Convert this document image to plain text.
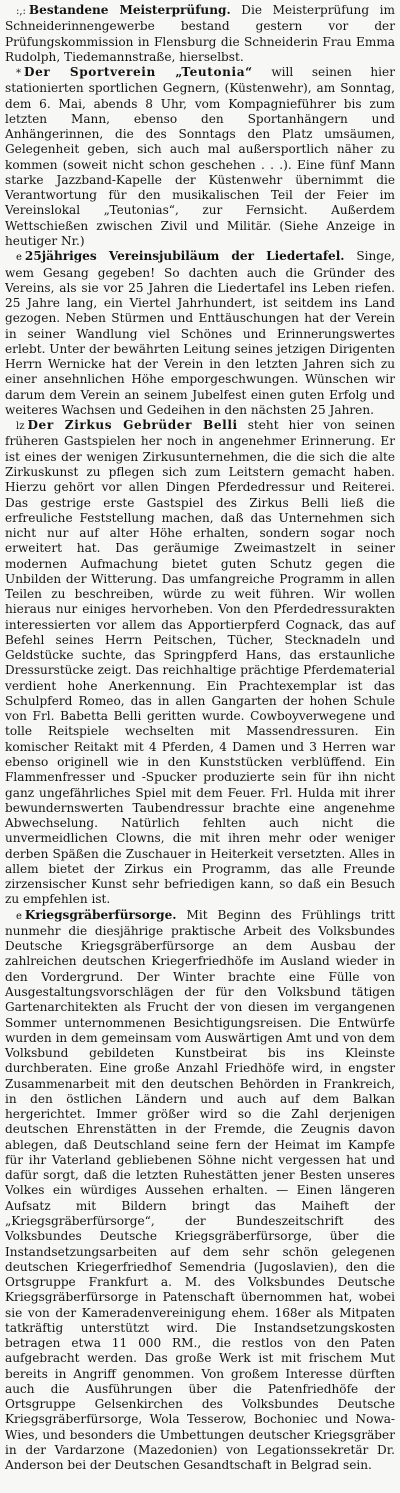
:,: Bestandene Meisterprüfung. Die Meisterprüfung im Schneiderinnengewerbe bestand gestern vor der Prüfungskommission in Flensburg die Schneiderin Frau Emma Rudolph, Tiedemannstraße, hierselbst.

* Der Sportverein „Teutonia“ will seinen hier stationierten sportlichen Gegnern, (Küstenwehr), am Sonntag, dem 6. Mai, abends 8 Uhr, vom Kompagnieführer bis zum letzten Mann, ebenso den Sportanhängern und Anhängerinnen, die des Sonntags den Platz umsäumen, Gelegenheit geben, sich auch mal außersportlich näher zu kommen (soweit nicht schon geschehen . . .). Eine fünf Mann starke Jazzband-Kapelle der Küstenwehr übernimmt die Verantwortung für den musikalischen Teil der Feier im Vereinslokal „Teutonias“, zur Fernsicht. Außerdem Wettschießen zwischen Zivil und Militär. (Siehe Anzeige in heutiger Nr.)

e 25jähriges Vereinsjubiläum der Liedertafel. Singe, wem Gesang gegeben! So dachten auch die Gründer des Vereins, als sie vor 25 Jahren die Liedertafel ins Leben riefen. 25 Jahre lang, ein Viertel Jahrhundert, ist seitdem ins Land gezogen. Neben Stürmen und Enttäuschungen hat der Verein in seiner Wandlung viel Schönes und Erinnerungswertes erlebt. Unter der bewährten Leitung seines jetzigen Dirigenten Herrn Wernicke hat der Verein in den letzten Jahren sich zu einer ansehnlichen Höhe emporgeschwungen. Wünschen wir darum dem Verein an seinem Jubelfest einen guten Erfolg und weiteres Wachsen und Gedeihen in den nächsten 25 Jahren.

lz Der Zirkus Gebrüder Belli steht hier von seinen früheren Gastspielen her noch in angenehmer Erinnerung. Er ist eines der wenigen Zirkusunternehmen, die die sich die alte Zirkuskunst zu pflegen sich zum Leitstern gemacht haben. Hierzu gehört vor allen Dingen Pferdedressur und Reiterei. Das gestrige erste Gastspiel des Zirkus Belli ließ die erfreuliche Feststellung machen, daß das Unternehmen sich nicht nur auf alter Höhe erhalten, sondern sogar noch erweitert hat. Das geräumige Zweimastzelt in seiner modernen Aufmachung bietet guten Schutz gegen die Unbilden der Witterung. Das umfangreiche Programm in allen Teilen zu beschreiben, würde zu weit führen. Wir wollen hieraus nur einiges hervorheben. Von den Pferdedressurakten interessierten vor allem das Apportierpferd Cognack, das auf Befehl seines Herrn Peitschen, Tücher, Stecknadeln und Geldstücke suchte, das Springpferd Hans, das erstaunliche Dressurstücke zeigt. Das reichhaltige prächtige Pferdematerial verdient hohe Anerkennung. Ein Prachtexemplar ist das Schulpferd Romeo, das in allen Gangarten der hohen Schule von Frl. Babetta Belli geritten wurde. Cowboyverwegene und tolle Reitspiele wechselten mit Massendressuren. Ein komischer Reitakt mit 4 Pferden, 4 Damen und 3 Herren war ebenso originell wie in den Kunststücken verblüffend. Ein Flammenfresser und -Spucker produzierte sein für ihn nicht ganz ungefährliches Spiel mit dem Feuer. Frl. Hulda mit ihrer bewundernswerten Taubendressur brachte eine angenehme Abwechselung. Natürlich fehlten auch nicht die unvermeidlichen Clowns, die mit ihren mehr oder weniger derben Späßen die Zuschauer in Heiterkeit versetzten. Alles in allem bietet der Zirkus ein Programm, das alle Freunde zirzensischer Kunst sehr befriedigen kann, so daß ein Besuch zu empfehlen ist.

e Kriegsgräberfürsorge. Mit Beginn des Frühlings tritt nunmehr die diesjährige praktische Arbeit des Volksbundes Deutsche Kriegsgräberfürsorge an dem Ausbau der zahlreichen deutschen Kriegerfriedhöfe im Ausland wieder in den Vordergrund. Der Winter brachte eine Fülle von Ausgestaltungsvorschlägen der für den Volksbund tätigen Gartenarchitekten als Frucht der von diesen im vergangenen Sommer unternommenen Besichtigungsreisen. Die Entwürfe wurden in dem gemeinsam vom Auswärtigen Amt und von dem Volksbund gebildeten Kunstbeirat bis ins Kleinste durchberaten. Eine große Anzahl Friedhöfe wird, in engster Zusammenarbeit mit den deutschen Behörden in Frankreich, in den östlichen Ländern und auch auf dem Balkan hergerichtet. Immer größer wird so die Zahl derjenigen deutschen Ehrenstätten in der Fremde, die Zeugnis davon ablegen, daß Deutschland seine fern der Heimat im Kampfe für ihr Vaterland gebliebenen Söhne nicht vergessen hat und dafür sorgt, daß die letzten Ruhestätten jener Besten unseres Volkes ein würdiges Aussehen erhalten. — Einen längeren Aufsatz mit Bildern bringt das Maiheft der „Kriegsgräberfürsorge“, der Bundeszeitschrift des Volksbundes Deutsche Kriegsgräberfürsorge, über die Instandsetzungsarbeiten auf dem sehr schön gelegenen deutschen Kriegerfriedhof Semendria (Jugoslavien), den die Ortsgruppe Frankfurt a. M. des Volksbundes Deutsche Kriegsgräberfürsorge in Patenschaft übernommen hat, wobei sie von der Kameradenvereinigung ehem. 168er als Mitpaten tatkräftig unterstützt wird. Die Instandsetzungskosten betragen etwa 11 000 RM., die restlos von den Paten aufgebracht werden. Das große Werk ist mit frischem Mut bereits in Angriff genommen. Von großem Interesse dürften auch die Ausführungen über die Patenfriedhöfe der Ortsgruppe Gelsenkirchen des Volksbundes Deutsche Kriegsgräberfürsorge, Wola Tesserow, Bochoniec und Nowa-Wies, und besonders die Umbettungen deutscher Kriegsgräber in der Vardarzone (Mazedonien) von Legationssekretär Dr. Anderson bei der Deutschen Gesandtschaft in Belgrad sein.
